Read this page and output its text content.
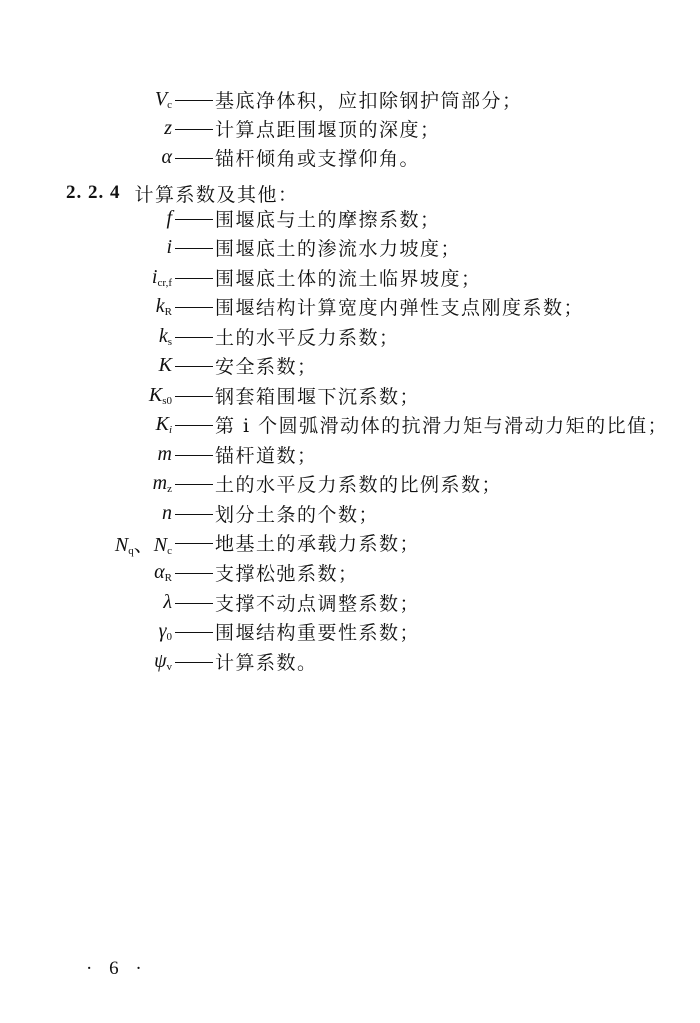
$V_c$ 基底净体积，应扣除钢护筒部分；
z 计算点距围堰顶的深度；
α 锚杆倾角或支撑仰角。
2. 2. 4 计算系数及其他：
f 围堰底与土的摩擦系数；
i 围堰底土的渗流水力坡度；
$i_{cr,f}$ 围堰底土体的流土临界坡度；
$k_R$ 围堰结构计算宽度内弹性支点刚度系数；
$k_s$ 土的水平反力系数；
K 安全系数；
$K_{s0}$ 钢套箱围堰下沉系数；
$K_i$ 第 i 个圆弧滑动体的抗滑力矩与滑动力矩的比值；
m 锚杆道数；
$m_z$ 土的水平反力系数的比例系数；
n 划分土条的个数；
$N_q$、$N_c$ 地基土的承载力系数；
$\alpha_R$ 支撑松弛系数；
λ 支撑不动点调整系数；
$\gamma_0$ 围堰结构重要性系数；
$\psi_v$ 计算系数。
· 6 ·
